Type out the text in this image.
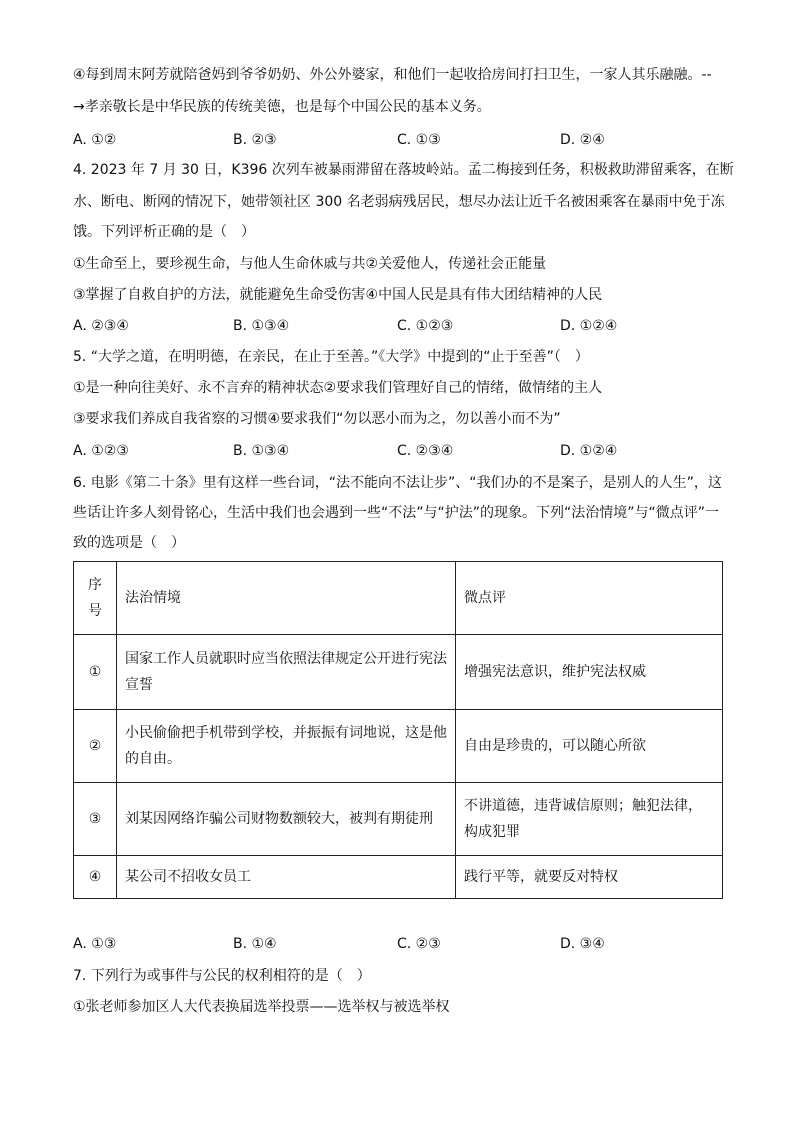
④每到周末阿芳就陪爸妈到爷爷奶奶、外公外婆家，和他们一起收拾房间打扫卫生，一家人其乐融融。--
→孝亲敬长是中华民族的传统美德，也是每个中国公民的基本义务。
A. ①②	B. ②③	C. ①③	D. ②④
4. 2023 年 7 月 30 日，K396 次列车被暴雨滞留在落坡岭站。孟二梅接到任务，积极救助滞留乘客，在断
水、断电、断网的情况下，她带领社区 300 名老弱病残居民，想尽办法让近千名被困乘客在暴雨中免于冻
饿。下列评析正确的是（　）
①生命至上，要珍视生命，与他人生命休戚与共②关爱他人，传递社会正能量
③掌握了自救自护的方法，就能避免生命受伤害④中国人民是具有伟大团结精神的人民
A. ②③④	B. ①③④	C. ①②③	D. ①②④
5. “大学之道，在明明德，在亲民，在止于至善。”《大学》中提到的“止于至善”（　）
①是一种向往美好、永不言弃的精神状态②要求我们管理好自己的情绪，做情绪的主人
③要求我们养成自我省察的习惯④要求我们“勿以恶小而为之，勿以善小而不为”
A. ①②③	B. ①③④	C. ②③④	D. ①②④
6. 电影《第二十条》里有这样一些台词，“法不能向不法让步”、“我们办的不是案子，是别人的人生”，这
些话让许多人刻骨铭心，生活中我们也会遇到一些“不法”与“护法”的现象。下列“法治情境”与“微点评”一
致的选项是（　）
序号	法治情境	微点评
①	国家工作人员就职时应当依照法律规定公开进行宪法宣誓	增强宪法意识，维护宪法权威
②	小民偷偷把手机带到学校，并振振有词地说，这是他的自由。	自由是珍贵的，可以随心所欲
③	刘某因网络诈骗公司财物数额较大，被判有期徒刑	不讲道德，违背诚信原则；触犯法律，构成犯罪
④	某公司不招收女员工	践行平等，就要反对特权
A. ①③	B. ①④	C. ②③	D. ③④
7. 下列行为或事件与公民的权利相符的是（　）
①张老师参加区人大代表换届选举投票——选举权与被选举权
